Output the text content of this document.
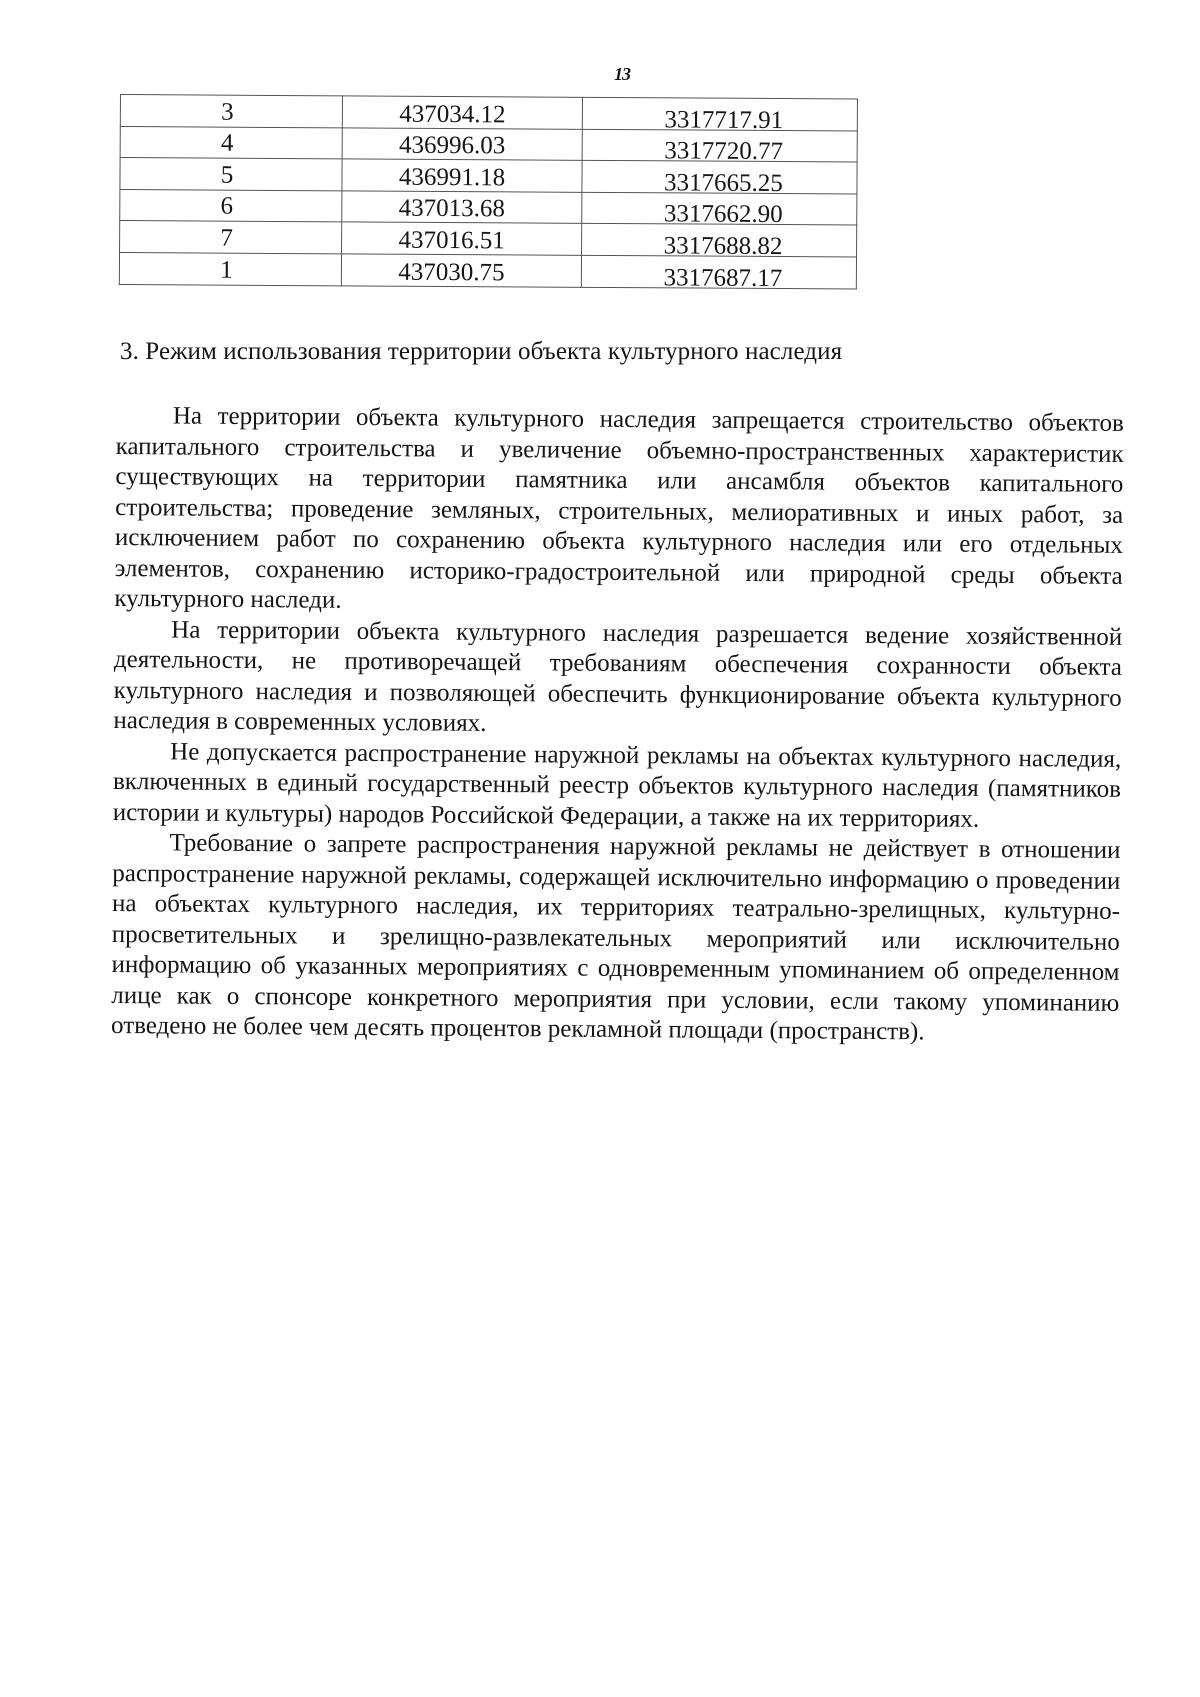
13
3	437034.12	3317717.91
4	436996.03	3317720.77
5	436991.18	3317665.25
6	437013.68	3317662.90
7	437016.51	3317688.82
1	437030.75	3317687.17
3. Режим использования территории объекта культурного наследия

На территории объекта культурного наследия запрещается строительство объектов капитального строительства и увеличение объемно-пространственных характеристик существующих на территории памятника или ансамбля объектов капитального строительства; проведение земляных, строительных, мелиоративных и иных работ, за исключением работ по сохранению объекта культурного наследия или его отдельных элементов, сохранению историко-градостроительной или природной среды объекта культурного наследи.

На территории объекта культурного наследия разрешается ведение хозяйственной деятельности, не противоречащей требованиям обеспечения сохранности объекта культурного наследия и позволяющей обеспечить функционирование объекта культурного наследия в современных условиях.

Не допускается распространение наружной рекламы на объектах культурного наследия, включенных в единый государственный реестр объектов культурного наследия (памятников истории и культуры) народов Российской Федерации, а также на их территориях.

Требование о запрете распространения наружной рекламы не действует в отношении распространение наружной рекламы, содержащей исключительно информацию о проведении на объектах культурного наследия, их территориях театрально-зрелищных, культурно-просветительных и зрелищно-развлекательных мероприятий или исключительно информацию об указанных мероприятиях с одновременным упоминанием об определенном лице как о спонсоре конкретного мероприятия при условии, если такому упоминанию отведено не более чем десять процентов рекламной площади (пространств).
